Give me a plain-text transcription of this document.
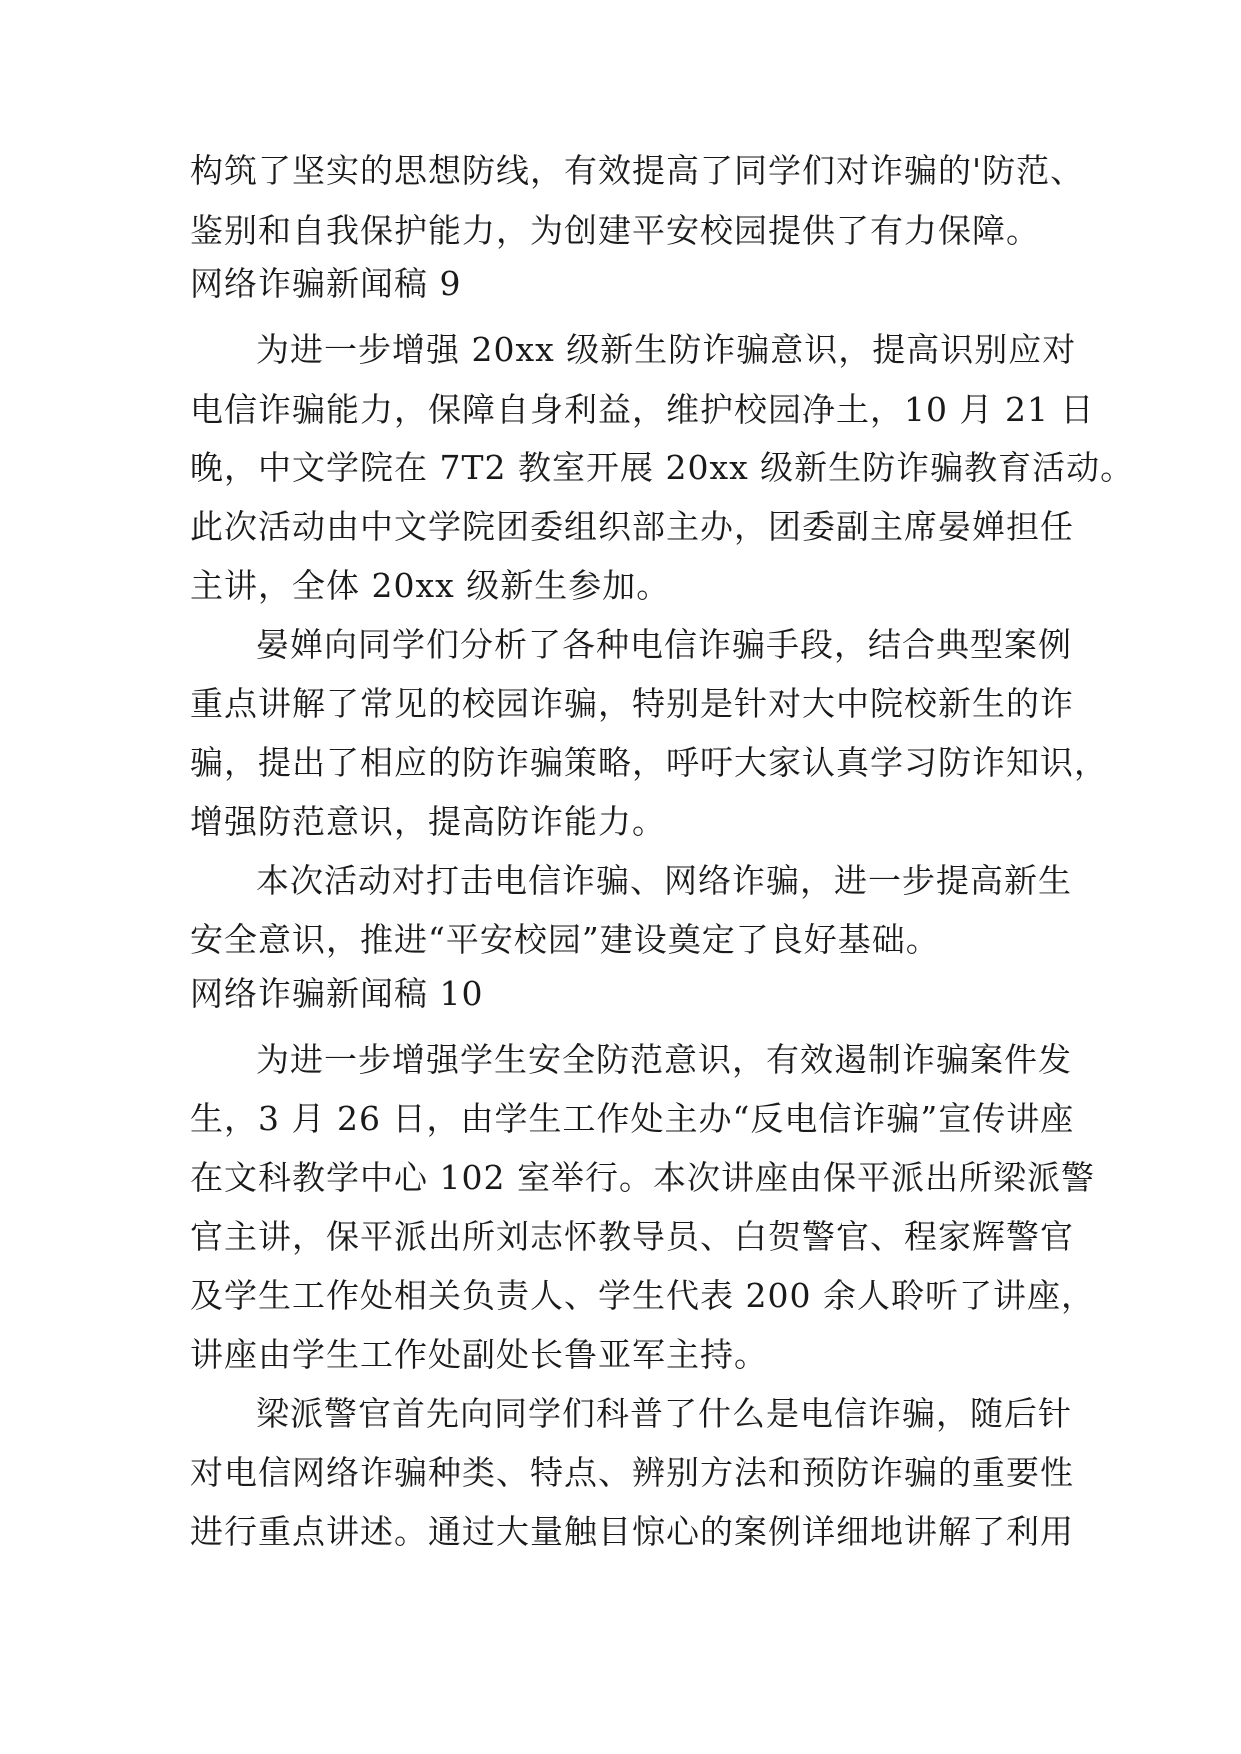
构筑了坚实的思想防线，有效提高了同学们对诈骗的'防范、
鉴别和自我保护能力，为创建平安校园提供了有力保障。
网络诈骗新闻稿 9
为进一步增强 20xx 级新生防诈骗意识，提高识别应对
电信诈骗能力，保障自身利益，维护校园净土，10 月 21 日
晚，中文学院在 7T2 教室开展 20xx 级新生防诈骗教育活动。
此次活动由中文学院团委组织部主办，团委副主席晏婵担任
主讲，全体 20xx 级新生参加。
晏婵向同学们分析了各种电信诈骗手段，结合典型案例
重点讲解了常见的校园诈骗，特别是针对大中院校新生的诈
骗，提出了相应的防诈骗策略，呼吁大家认真学习防诈知识，
增强防范意识，提高防诈能力。
本次活动对打击电信诈骗、网络诈骗，进一步提高新生
安全意识，推进“平安校园”建设奠定了良好基础。
网络诈骗新闻稿 10
为进一步增强学生安全防范意识，有效遏制诈骗案件发
生，3 月 26 日，由学生工作处主办“反电信诈骗”宣传讲座
在文科教学中心 102 室举行。本次讲座由保平派出所梁派警
官主讲，保平派出所刘志怀教导员、白贺警官、程家辉警官
及学生工作处相关负责人、学生代表 200 余人聆听了讲座，
讲座由学生工作处副处长鲁亚军主持。
梁派警官首先向同学们科普了什么是电信诈骗，随后针
对电信网络诈骗种类、特点、辨别方法和预防诈骗的重要性
进行重点讲述。通过大量触目惊心的案例详细地讲解了利用
